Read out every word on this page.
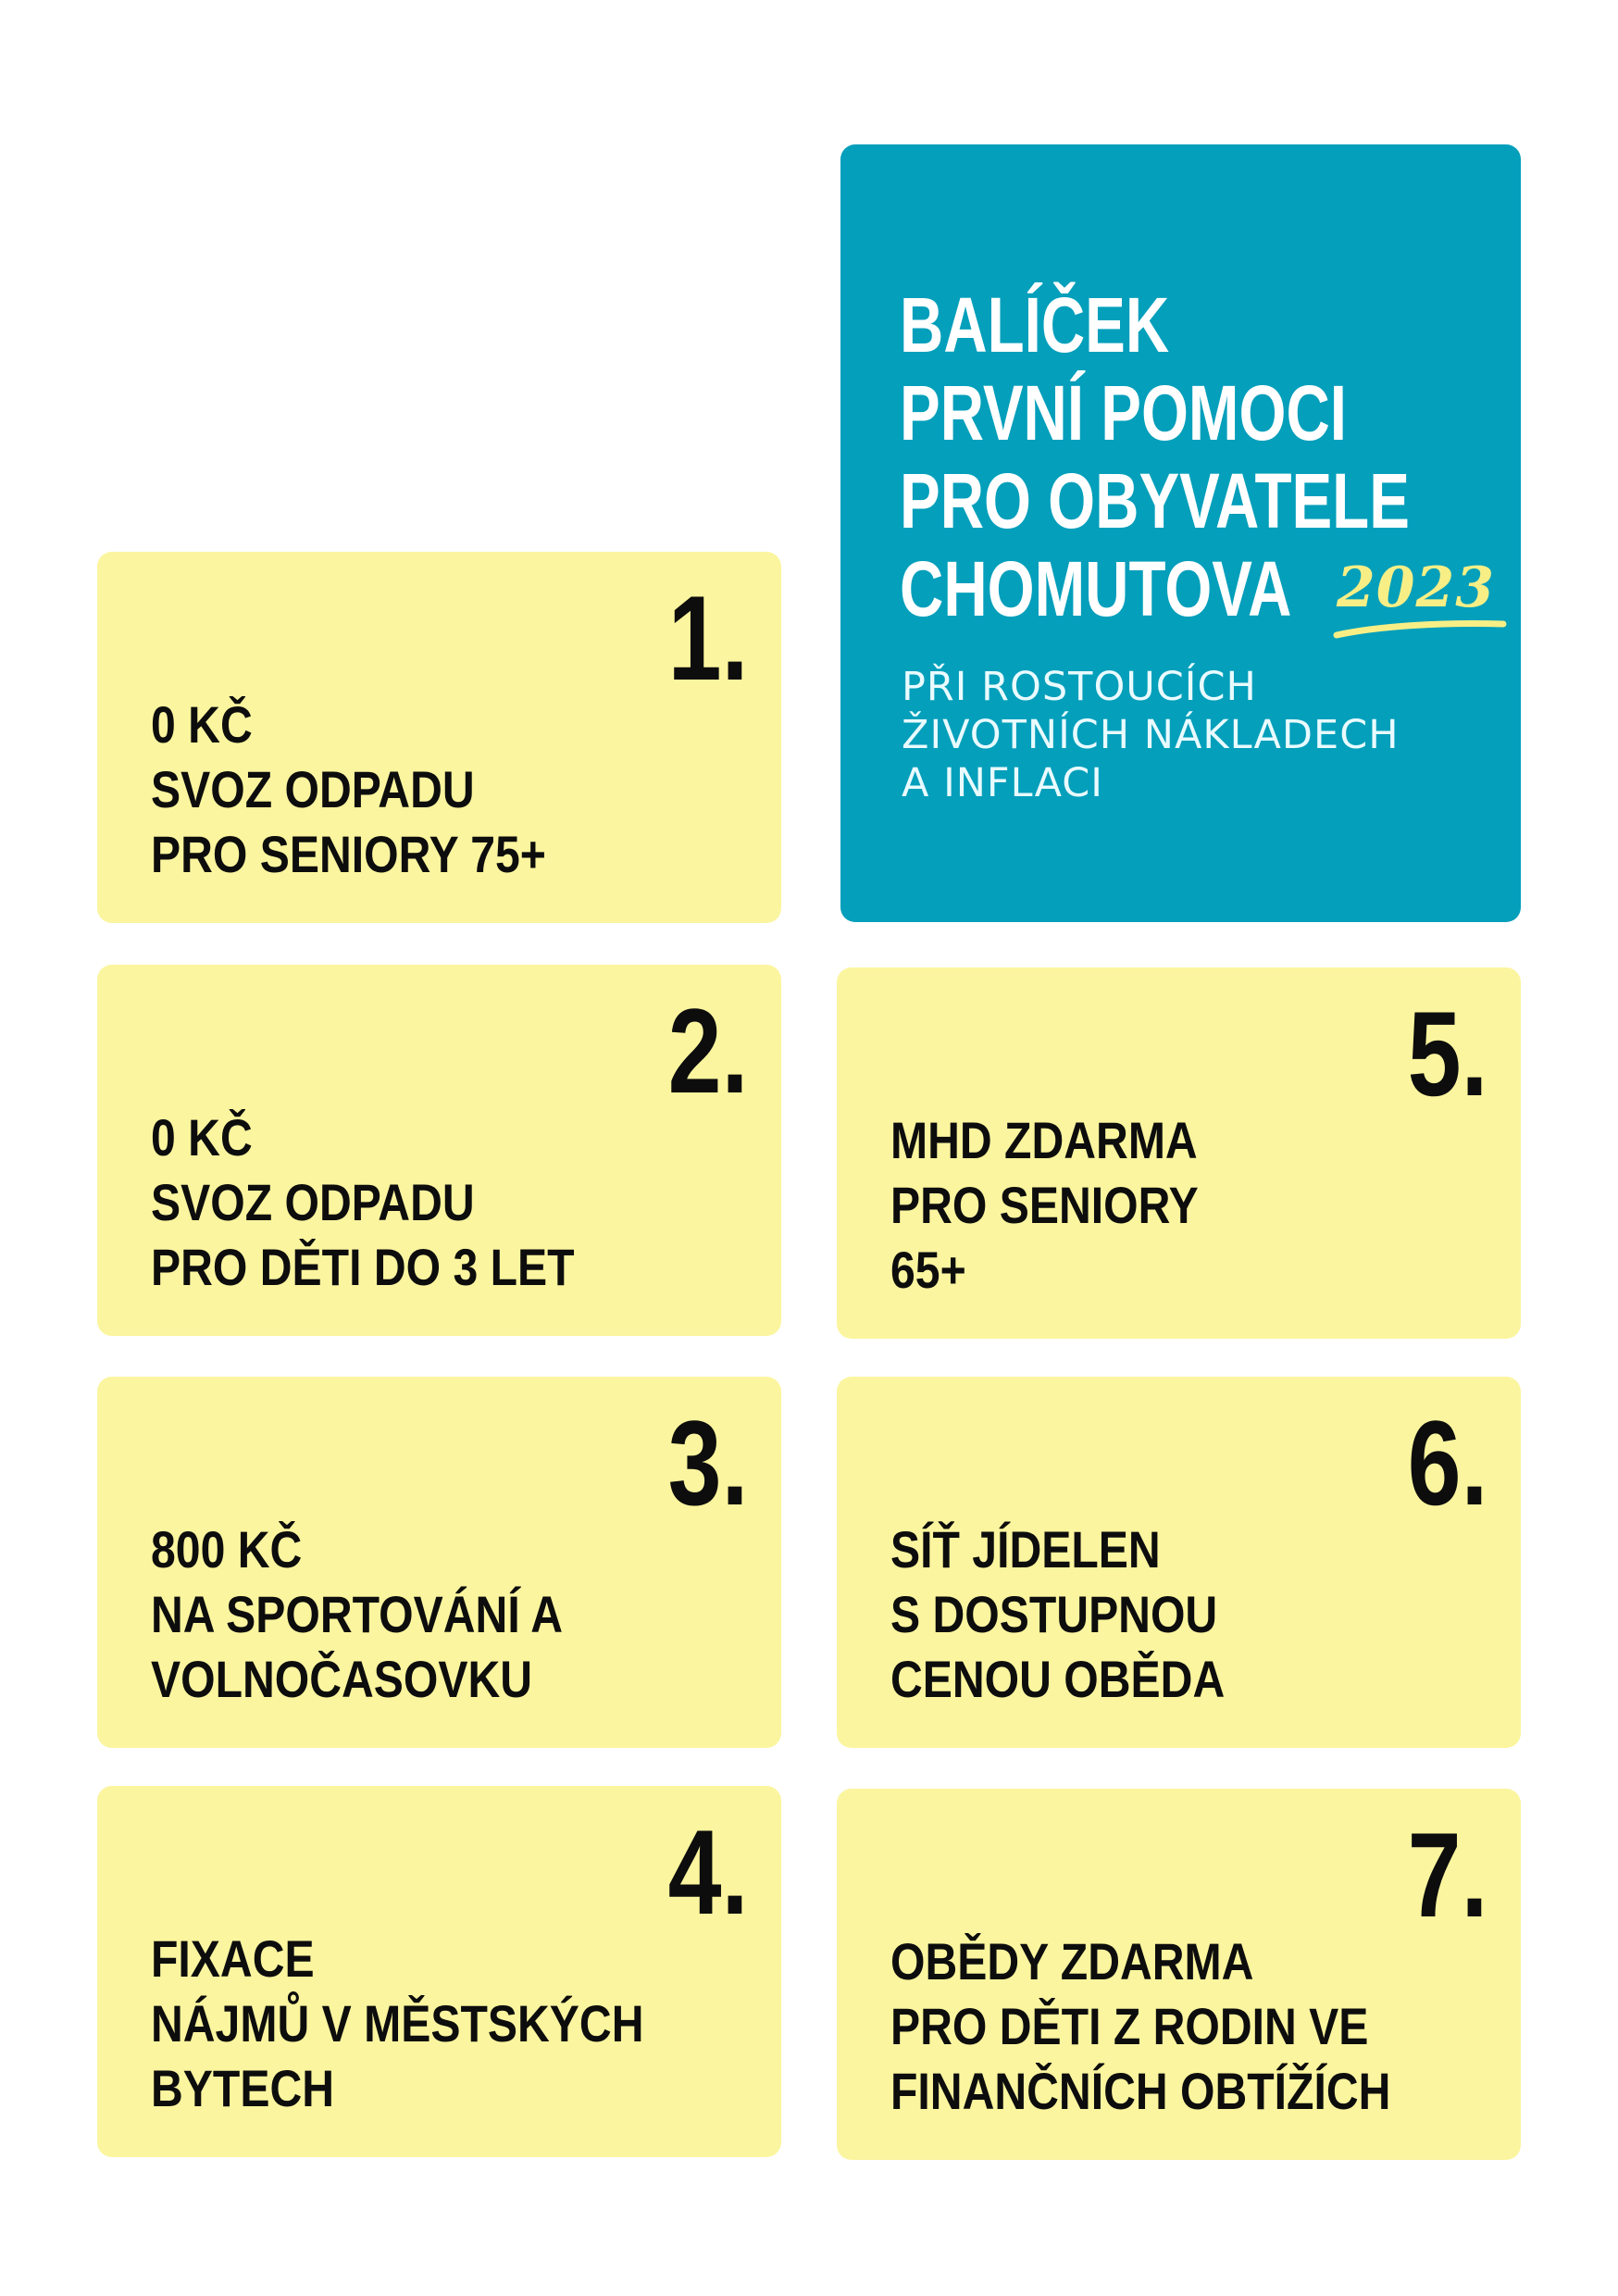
BALÍČEK
PRVNÍ POMOCI
PRO OBYVATELE
CHOMUTOVA 2023
PŘI ROSTOUCÍCH
ŽIVOTNÍCH NÁKLADECH
A INFLACI
1.
0 KČ
SVOZ ODPADU
PRO SENIORY 75+
2.
0 KČ
SVOZ ODPADU
PRO DĚTI DO 3 LET
3.
800 KČ
NA SPORTOVÁNÍ A
VOLNOČASOVKU
4.
FIXACE
NÁJMŮ V MĚSTSKÝCH
BYTECH
5.
MHD ZDARMA
PRO SENIORY
65+
6.
SÍŤ JÍDELEN
S DOSTUPNOU
CENOU OBĚDA
7.
OBĚDY ZDARMA
PRO DĚTI Z RODIN VE
FINANČNÍCH OBTÍŽÍCH
